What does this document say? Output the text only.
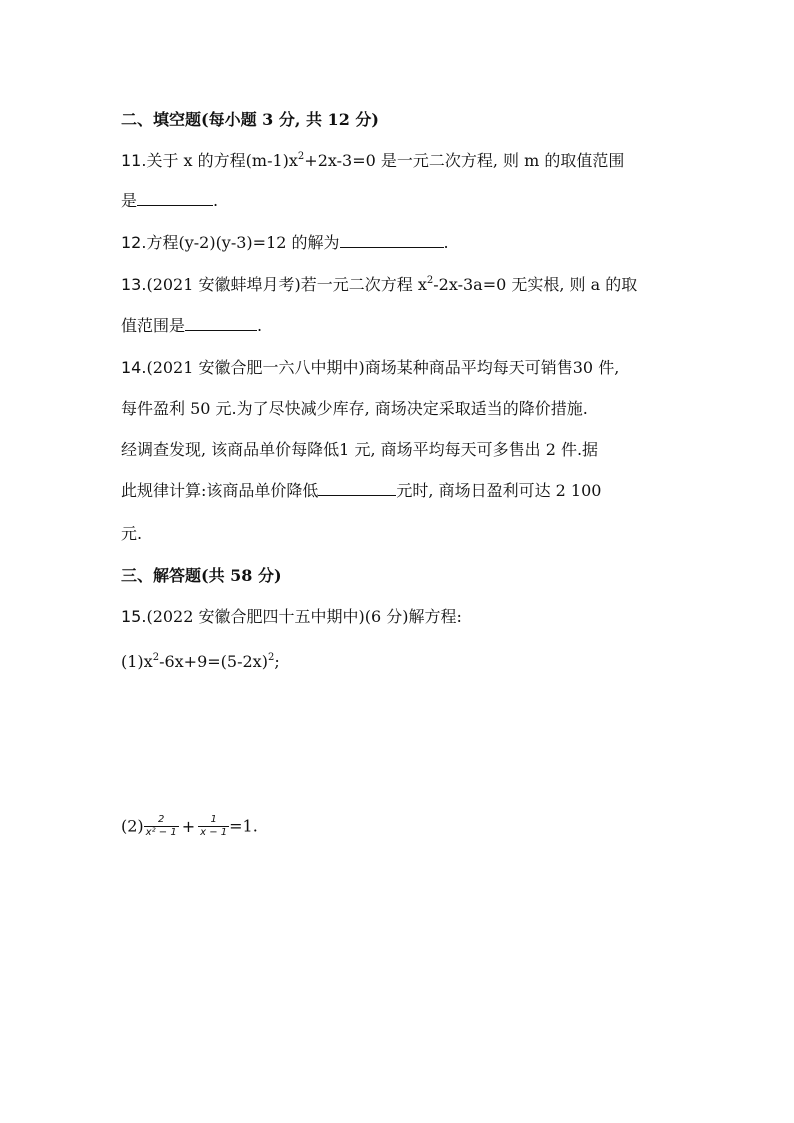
二、填空题(每小题 3 分, 共 12 分)
11.关于 x 的方程$(m-1)x^2+2x-3=0$ 是一元二次方程, 则 m 的取值范围
是	.
12.方程(y-2)(y-3)=12 的解为	.
13.(2021 安徽蚌埠月考)若一元二次方程 $x^2-2x-3a=0$ 无实根, 则 a 的取
值范围是	.
14.(2021 安徽合肥一六八中期中)商场某种商品平均每天可销售30 件,
每件盈利 50 元.为了尽快减少库存, 商场决定采取适当的降价措施.
经调查发现, 该商品单价每降低1 元, 商场平均每天可多售出 2 件.据
此规律计算:该商品单价降低	元时, 商场日盈利可达 2 100
元.
三、解答题(共 58 分)
15.(2022 安徽合肥四十五中期中)(6 分)解方程:
$(1)x^2-6x+9=(5-2x)^2$;
$(2) \frac{2}{\text{x² − 1}} + \frac{1}{x - 1} =1$.
